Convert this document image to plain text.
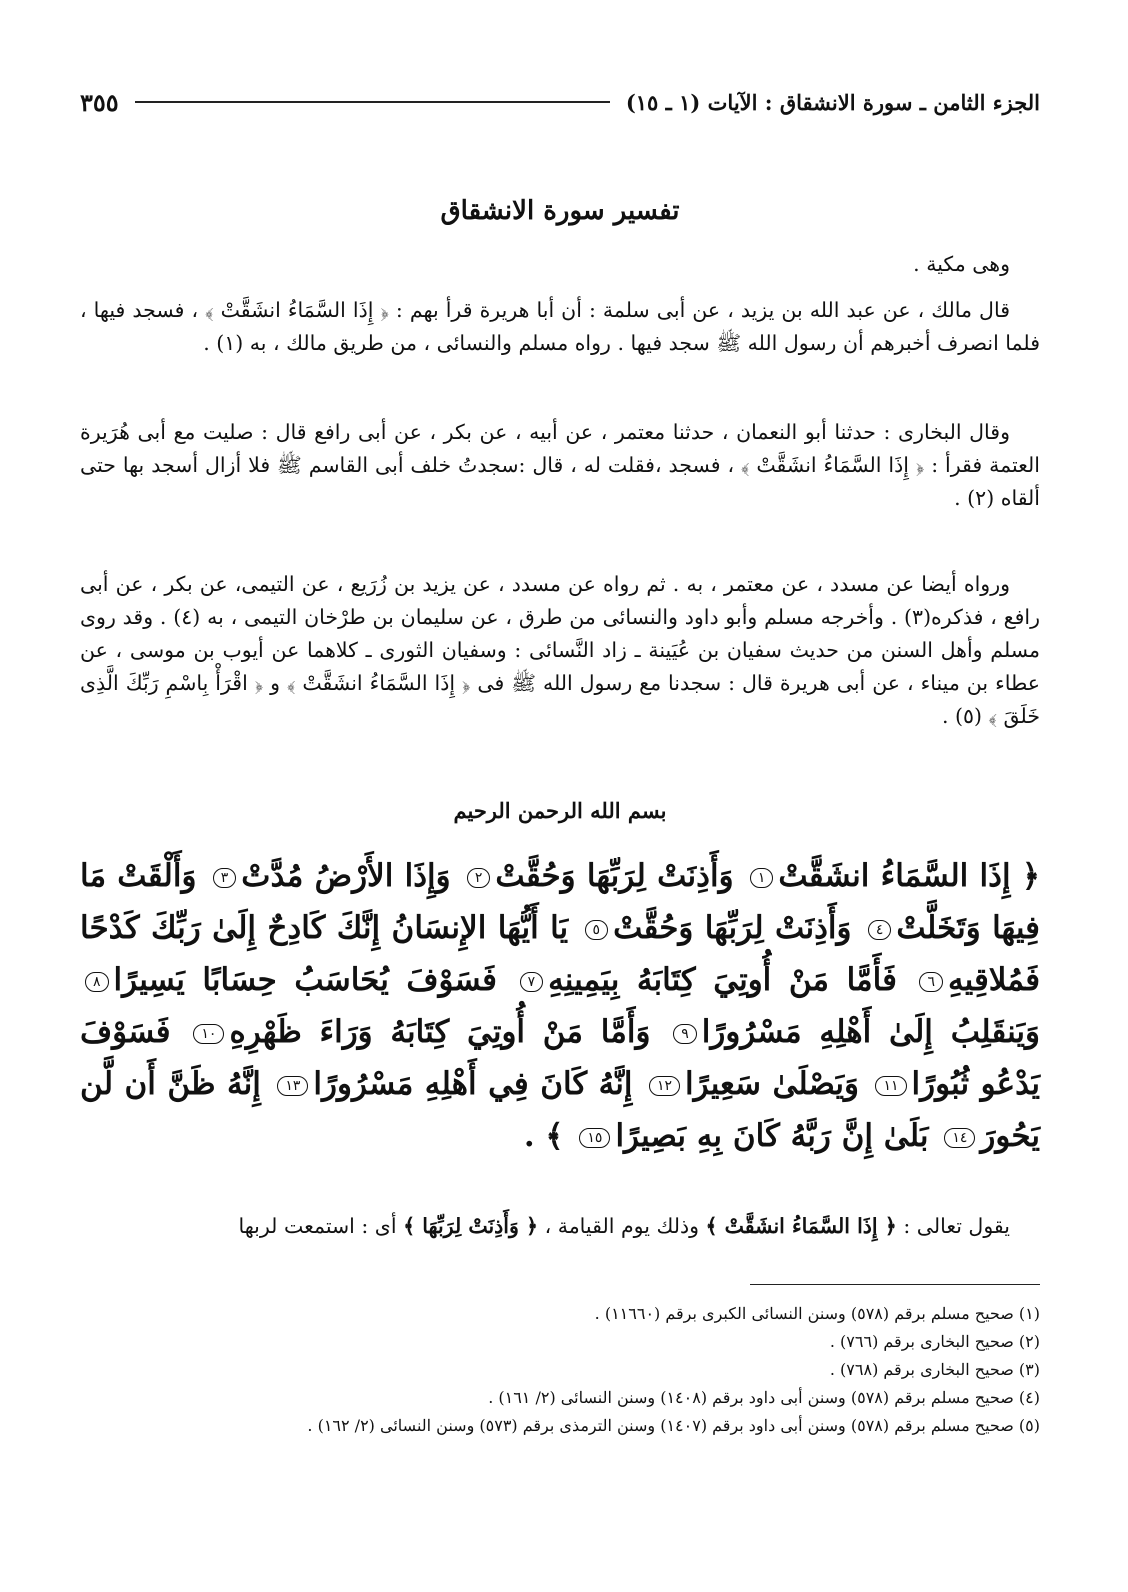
الجزء الثامن ـ سورة الانشقاق : الآيات (١ ـ ١٥)
٣٥٥
تفسير سورة الانشقاق
وهى مكية .
قال مالك ، عن عبد الله بن يزيد ، عن أبى سلمة : أن أبا هريرة قرأ بهم : ﴿ إِذَا السَّمَاءُ انشَقَّتْ ﴾ ، فسجد فيها ، فلما انصرف أخبرهم أن رسول الله ﷺ سجد فيها . رواه مسلم والنسائى ، من طريق مالك ، به (١) .
وقال البخارى : حدثنا أبو النعمان ، حدثنا معتمر ، عن أبيه ، عن بكر ، عن أبى رافع قال : صليت مع أبى هُرَيرة العتمة فقرأ : ﴿ إِذَا السَّمَاءُ انشَقَّتْ ﴾ ، فسجد ،فقلت له ، قال :سجدتُ خلف أبى القاسم ﷺ فلا أزال أسجد بها حتى ألقاه (٢) .
ورواه أيضا عن مسدد ، عن معتمر ، به . ثم رواه عن مسدد ، عن يزيد بن زُرَيع ، عن التيمى، عن بكر ، عن أبى رافع ، فذكره(٣) . وأخرجه مسلم وأبو داود والنسائى من طرق ، عن سليمان بن طرْخان التيمى ، به (٤) . وقد روى مسلم وأهل السنن من حديث سفيان بن عُيَينة ـ زاد النَّسائى : وسفيان الثورى ـ كلاهما عن أيوب بن موسى ، عن عطاء بن ميناء ، عن أبى هريرة قال : سجدنا مع رسول الله ﷺ فى ﴿ إِذَا السَّمَاءُ انشَقَّتْ ﴾ و ﴿ اقْرَأْ بِاسْمِ رَبِّكَ الَّذِى خَلَقَ ﴾ (٥) .
بسم الله الرحمن الرحيم
﴿ إِذَا السَّمَاءُ انشَقَّتْ١ وَأَذِنَتْ لِرَبِّهَا وَحُقَّتْ٢ وَإِذَا الأَرْضُ مُدَّتْ٣ وَأَلْقَتْ مَا فِيهَا وَتَخَلَّتْ٤ وَأَذِنَتْ لِرَبِّهَا وَحُقَّتْ٥ يَا أَيُّهَا الإِنسَانُ إِنَّكَ كَادِحٌ إِلَىٰ رَبِّكَ كَدْحًا فَمُلاقِيهِ٦ فَأَمَّا مَنْ أُوتِيَ كِتَابَهُ بِيَمِينِهِ٧ فَسَوْفَ يُحَاسَبُ حِسَابًا يَسِيرًا٨ وَيَنقَلِبُ إِلَىٰ أَهْلِهِ مَسْرُورًا٩ وَأَمَّا مَنْ أُوتِيَ كِتَابَهُ وَرَاءَ ظَهْرِهِ١٠ فَسَوْفَ يَدْعُو ثُبُورًا١١ وَيَصْلَىٰ سَعِيرًا١٢ إِنَّهُ كَانَ فِي أَهْلِهِ مَسْرُورًا١٣ إِنَّهُ ظَنَّ أَن لَّن يَحُورَ١٤ بَلَىٰ إِنَّ رَبَّهُ كَانَ بِهِ بَصِيرًا١٥ ﴾ .
يقول تعالى : ﴿ إِذَا السَّمَاءُ انشَقَّتْ ﴾ وذلك يوم القيامة ، ﴿ وَأَذِنَتْ لِرَبِّهَا ﴾ أى : استمعت لربها

(١) صحيح مسلم برقم (٥٧٨) وسنن النسائى الكبرى برقم (١١٦٦٠) .

(٢) صحيح البخارى برقم (٧٦٦) .

(٣) صحيح البخارى برقم (٧٦٨) .

(٤) صحيح مسلم برقم (٥٧٨) وسنن أبى داود برقم (١٤٠٨) وسنن النسائى (٢/ ١٦١) .

(٥) صحيح مسلم برقم (٥٧٨) وسنن أبى داود برقم (١٤٠٧) وسنن الترمذى برقم (٥٧٣) وسنن النسائى (٢/ ١٦٢) .
